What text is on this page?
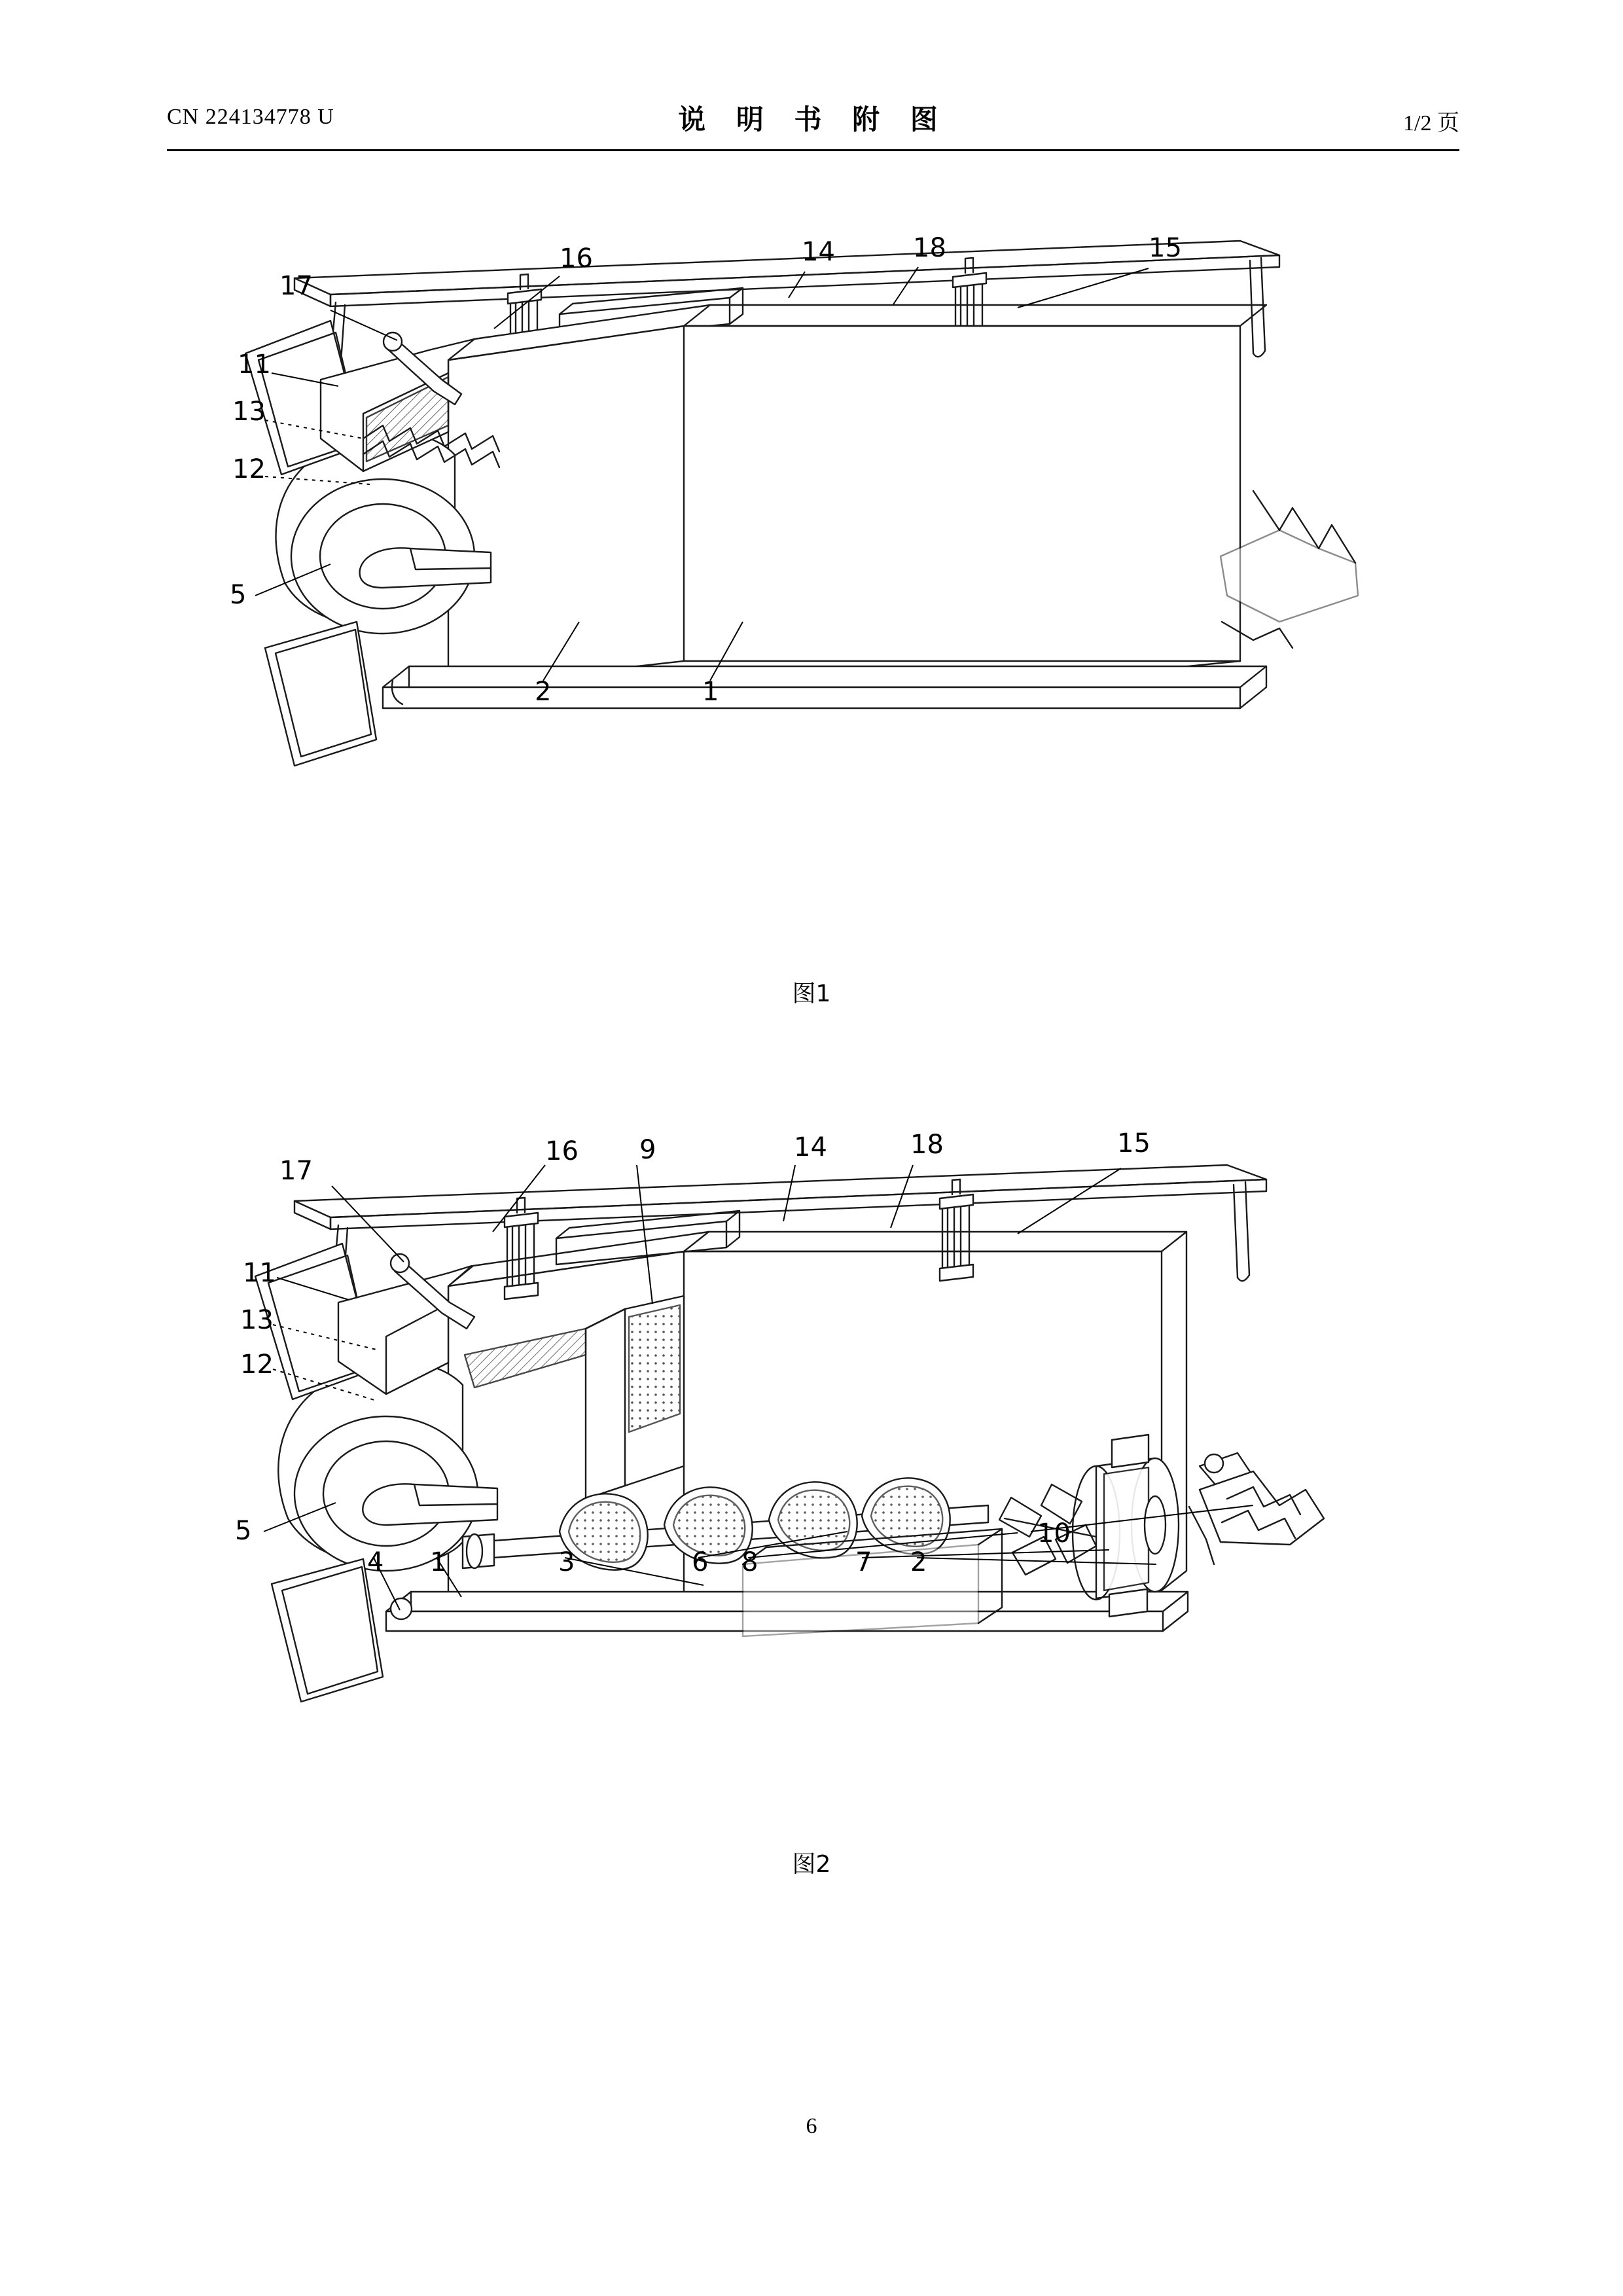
CN 224134778 U	说 明 书 附 图	1/2 页
17
16	14	18	15
11
13
12
5
2	1
图1
17
16 9	14	18	15
11
13
12
5
4 1	3	6 8	7 2
10
图2
6
